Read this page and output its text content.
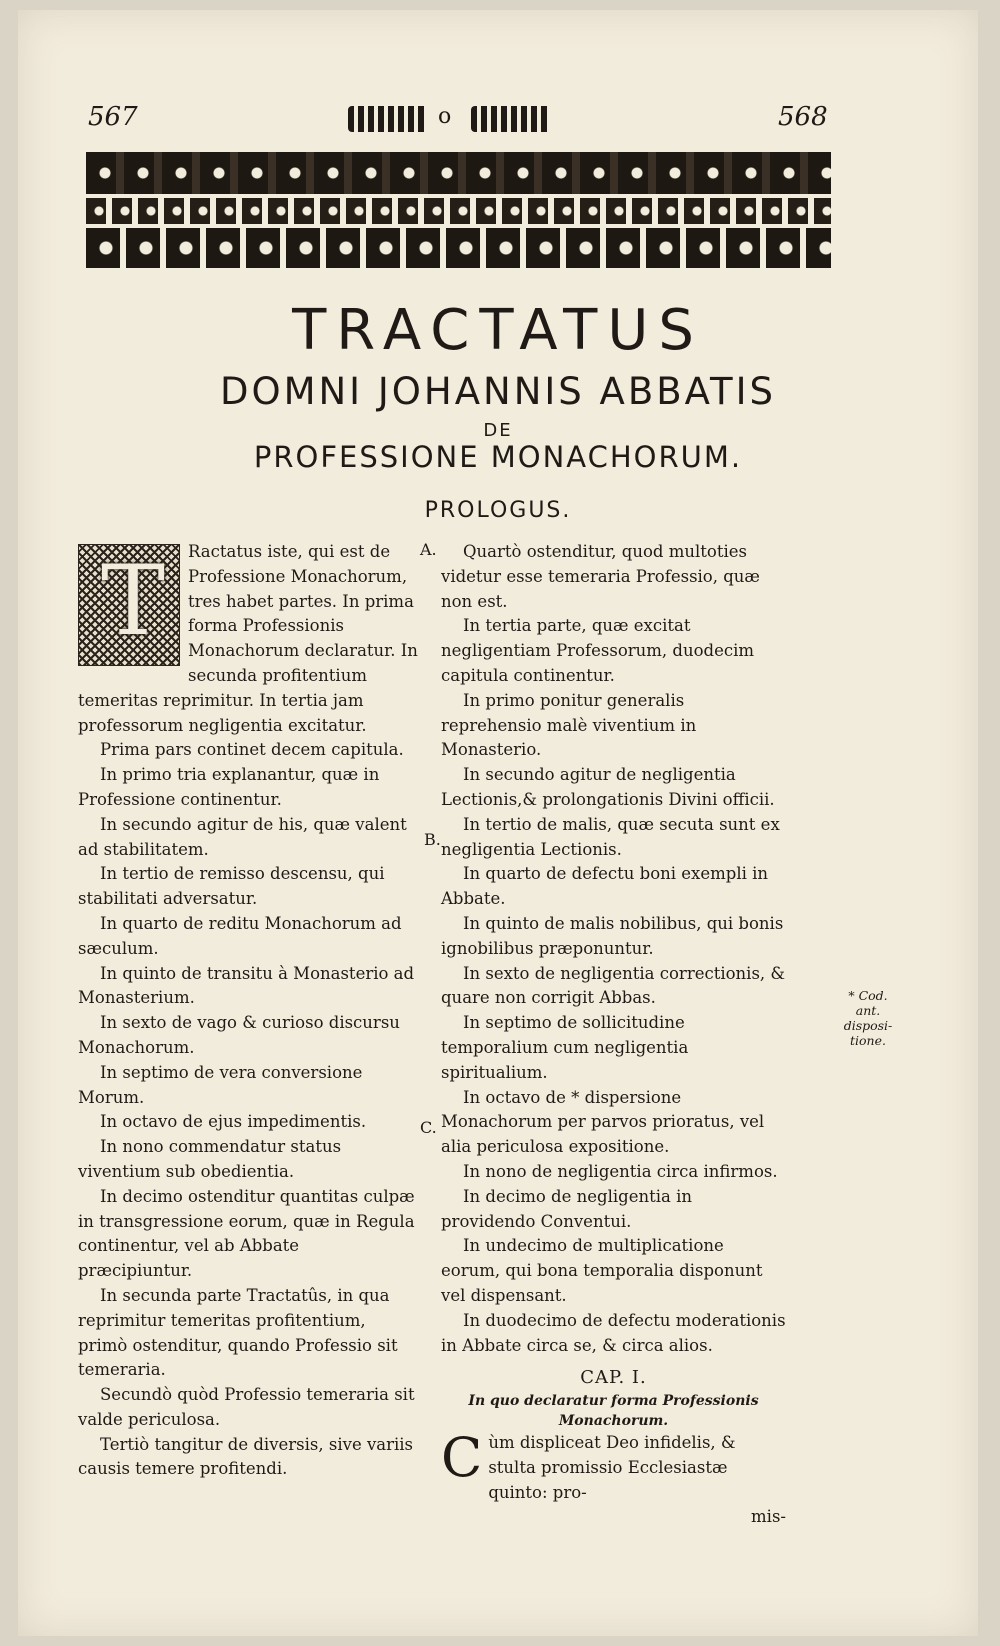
567	o	568
TRACTATUS
DOMNI JOHANNIS ABBATIS
DE
PROFESSIONE MONACHORUM.
PROLOGUS.
T	Ractatus iste, qui est de Professione Monachorum, tres habet partes. In prima forma Professionis Monachorum declaratur. In secunda profitentium temeritas reprimitur. In tertia jam professorum negligentia excitatur.

Prima pars continet decem capitula.

In primo tria explanantur, quæ in Professione continentur.

In secundo agitur de his, quæ valent ad stabilitatem.

In tertio de remisso descensu, qui stabilitati adversatur.

In quarto de reditu Monachorum ad sæculum.

In quinto de transitu à Monasterio ad Monasterium.

In sexto de vago & curioso discursu Monachorum.

In septimo de vera conversione Morum.

In octavo de ejus impedimentis.

In nono commendatur status viventium sub obedientia.

In decimo ostenditur quantitas culpæ in transgressione eorum, quæ in Regula continentur, vel ab Abbate præcipiuntur.

In secunda parte Tractatûs, in qua reprimitur temeritas profitentium, primò ostenditur, quando Professio sit temeraria.

Secundò quòd Professio temeraria sit valde periculosa.

Tertiò tangitur de diversis, sive variis causis temere profitendi.

A.
B.
C.

Quartò ostenditur, quod multoties videtur esse temeraria Professio, quæ non est.

In tertia parte, quæ excitat negligentiam Professorum, duodecim capitula continentur.

In primo ponitur generalis reprehensio malè viventium in Monasterio.

In secundo agitur de negligentia Lectionis,& prolongationis Divini officii.

In tertio de malis, quæ secuta sunt ex negligentia Lectionis.

In quarto de defectu boni exempli in Abbate.

In quinto de malis nobilibus, qui bonis ignobilibus præponuntur.

In sexto de negligentia correctionis, & quare non corrigit Abbas.

In septimo de sollicitudine temporalium cum negligentia spiritualium.

In octavo de * dispersione Monachorum per parvos prioratus, vel alia periculosa expositione.

In nono de negligentia circa infirmos.

In decimo de negligentia in providendo Conventui.

In undecimo de multiplicatione eorum, qui bona temporalia disponunt vel dispensant.

In duodecimo de defectu moderationis in Abbate circa se, & circa alios.

CAP. I.

In quo declaratur forma Professionis Monachorum.

Cùm displiceat Deo infidelis, & stulta promissio Ecclesiastæ quinto: pro-

mis-

* Cod. ant. disposi- tione.
